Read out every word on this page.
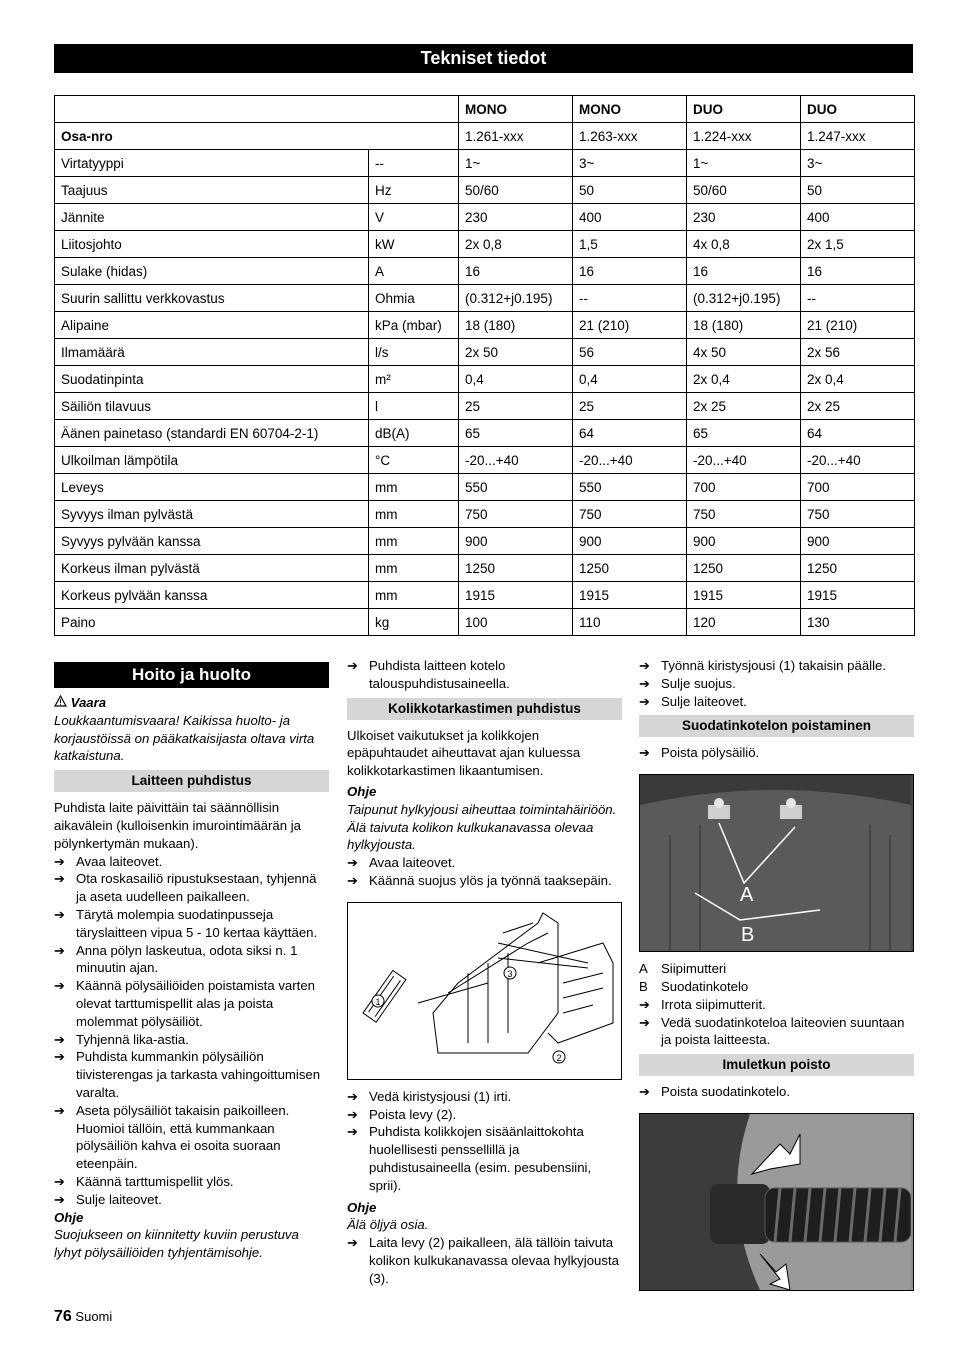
Tekniset tiedot
		MONO	MONO	DUO	DUO
Osa-nro		1.261-xxx	1.263-xxx	1.224-xxx	1.247-xxx
Virtatyyppi	--	1~	3~	1~	3~
Taajuus	Hz	50/60	50	50/60	50
Jännite	V	230	400	230	400
Liitosjohto	kW	2x 0,8	1,5	4x 0,8	2x 1,5
Sulake (hidas)	A	16	16	16	16
Suurin sallittu verkkovastus	Ohmia	(0.312+j0.195)	--	(0.312+j0.195)	--
Alipaine	kPa (mbar)	18 (180)	21 (210)	18 (180)	21 (210)
Ilmamäärä	l/s	2x 50	56	4x 50	2x 56
Suodatinpinta	m²	0,4	0,4	2x 0,4	2x 0,4
Säiliön tilavuus	l	25	25	2x 25	2x 25
Äänen painetaso (standardi EN 60704-2-1)	dB(A)	65	64	65	64
Ulkoilman lämpötila	°C	-20...+40	-20...+40	-20...+40	-20...+40
Leveys	mm	550	550	700	700
Syvyys ilman pylvästä	mm	750	750	750	750
Syvyys pylvään kanssa	mm	900	900	900	900
Korkeus ilman pylvästä	mm	1250	1250	1250	1250
Korkeus pylvään kanssa	mm	1915	1915	1915	1915
Paino	kg	100	110	120	130
Hoito ja huolto
Vaara
Loukkaantumisvaara! Kaikissa huolto- ja korjaustöissä on pääkatkaisijasta oltava virta katkaistuna.
Laitteen puhdistus
Puhdista laite päivittäin tai säännöllisin aikavälein (kulloisenkin imurointimäärän ja pölynkertymän mukaan).
➔ Avaa laiteovet.
➔ Ota roskasailiö ripustuksestaan, tyhjennä ja aseta uudelleen paikalleen.
➔ Tärytä molempia suodatinpusseja täryslaitteen vipua 5 - 10 kertaa käyttäen.
➔ Anna pölyn laskeutua, odota siksi n. 1 minuutin ajan.
➔ Käännä pölysäiliöiden poistamista varten olevat tarttumispellit alas ja poista molemmat pölysäiliöt.
➔ Tyhjennä lika-astia.
➔ Puhdista kummankin pölysäiliön tiivisterengas ja tarkasta vahingoittumisen varalta.
➔ Aseta pölysäiliöt takaisin paikoilleen. Huomioi tällöin, että kummankaan pölysäiliön kahva ei osoita suoraan eteenpäin.
➔ Käännä tarttumispellit ylös.
➔ Sulje laiteovet.
Ohje
Suojukseen on kiinnitetty kuviin perustuva lyhyt pölysäiliöiden tyhjentämisohje.
➔ Puhdista laitteen kotelo talouspuhdistusaineella.
Kolikkotarkastimen puhdistus
Ulkoiset vaikutukset ja kolikkojen epäpuhtaudet aiheuttavat ajan kuluessa kolikkotarkastimen likaantumisen.
Ohje
Taipunut hylkyjousi aiheuttaa toimintahäiriöön. Älä taivuta kolikon kulkukanavassa olevaa hylkyjousta.
➔ Avaa laiteovet.
➔ Käännä suojus ylös ja työnnä taaksepäin.
1
2
3
➔ Vedä kiristysjousi (1) irti.
➔ Poista levy (2).
➔ Puhdista kolikkojen sisäänlaittokohta huolellisesti penssellillä ja puhdistusaineella (esim. pesubensiini, sprii).
Ohje
Älä öljyä osia.
➔ Laita levy (2) paikalleen, älä tällöin taivuta kolikon kulkukanavassa olevaa hylkyjousta (3).
➔ Työnnä kiristysjousi (1) takaisin päälle.
➔ Sulje suojus.
➔ Sulje laiteovet.
Suodatinkotelon poistaminen
➔ Poista pölysäiliö.
A
B
A	Siipimutteri
B	Suodatinkotelo
➔ Irrota siipimutterit.
➔ Vedä suodatinkoteloa laiteovien suuntaan ja poista laitteesta.
Imuletkun poisto
➔ Poista suodatinkotelo.
76 Suomi
